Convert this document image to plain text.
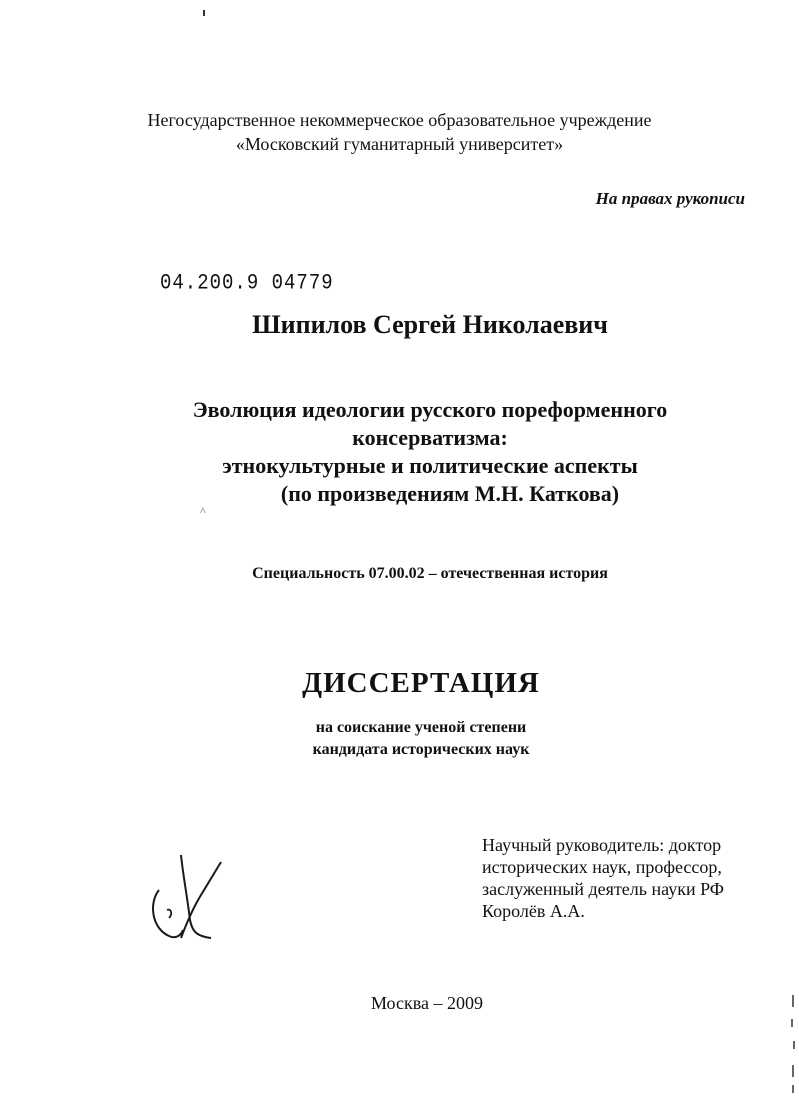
Негосударственное некоммерческое образовательное учреждение
«Московский гуманитарный университет»
На правах рукописи
04.200.9 04779
Шипилов Сергей Николаевич
Эволюция идеологии русского пореформенного
консерватизма:
этнокультурные и политические аспекты
(по произведениям М.Н. Каткова)
^
Специальность 07.00.02 – отечественная история
ДИССЕРТАЦИЯ
на соискание ученой степени
кандидата исторических наук
Научный руководитель: доктор
исторических наук, профессор,
заслуженный деятель науки РФ
Королёв А.А.
Москва – 2009
